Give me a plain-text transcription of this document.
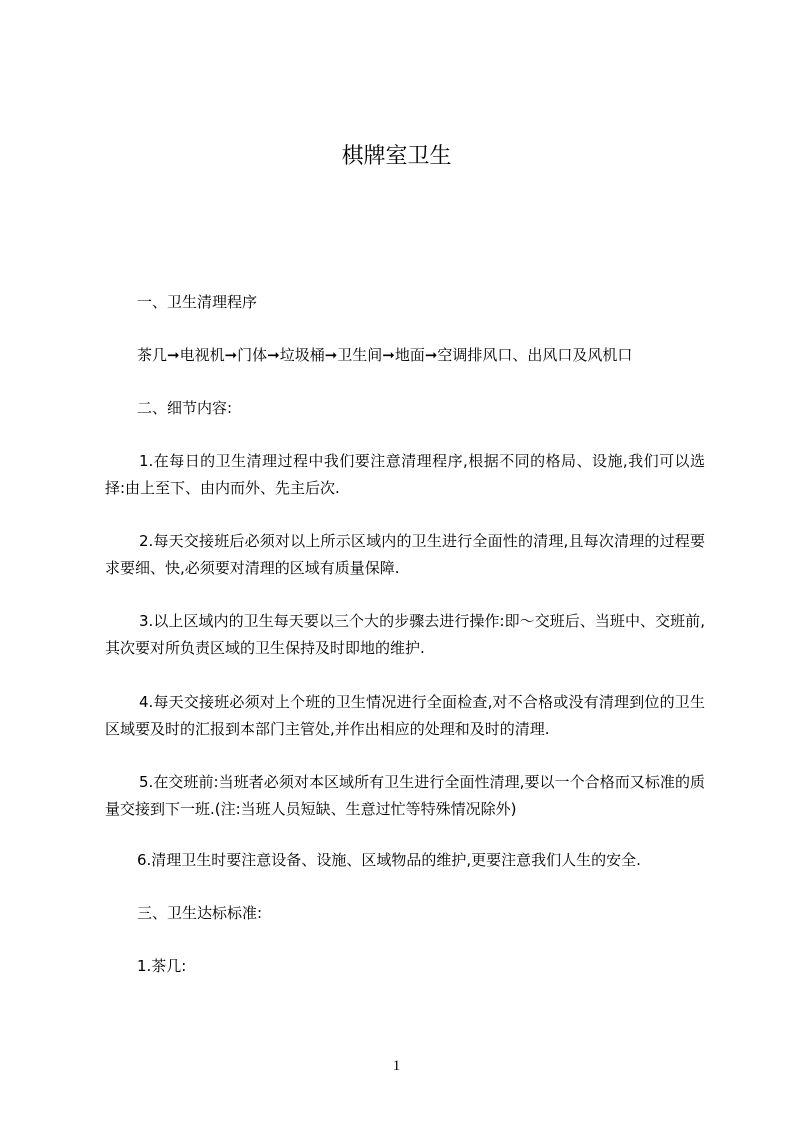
棋牌室卫生

一、卫生清理程序

茶几➞电视机➞门体➞垃圾桶➞卫生间➞地面➞空调排风口、出风口及风机口

二、细节内容:

1.在每日的卫生清理过程中我们要注意清理程序,根据不同的格局、设施,我们可以选择:由上至下、由内而外、先主后次.

2.每天交接班后必须对以上所示区域内的卫生进行全面性的清理,且每次清理的过程要求要细、快,必须要对清理的区域有质量保障.

3.以上区域内的卫生每天要以三个大的步骤去进行操作:即～交班后、当班中、交班前,其次要对所负责区域的卫生保持及时即地的维护.

4.每天交接班必须对上个班的卫生情况进行全面检查,对不合格或没有清理到位的卫生区域要及时的汇报到本部门主管处,并作出相应的处理和及时的清理.

5.在交班前:当班者必须对本区域所有卫生进行全面性清理,要以一个合格而又标准的质量交接到下一班.(注:当班人员短缺、生意过忙等特殊情况除外)

6.清理卫生时要注意设备、设施、区域物品的维护,更要注意我们人生的安全.

三、卫生达标标准:

1.茶几:

1
